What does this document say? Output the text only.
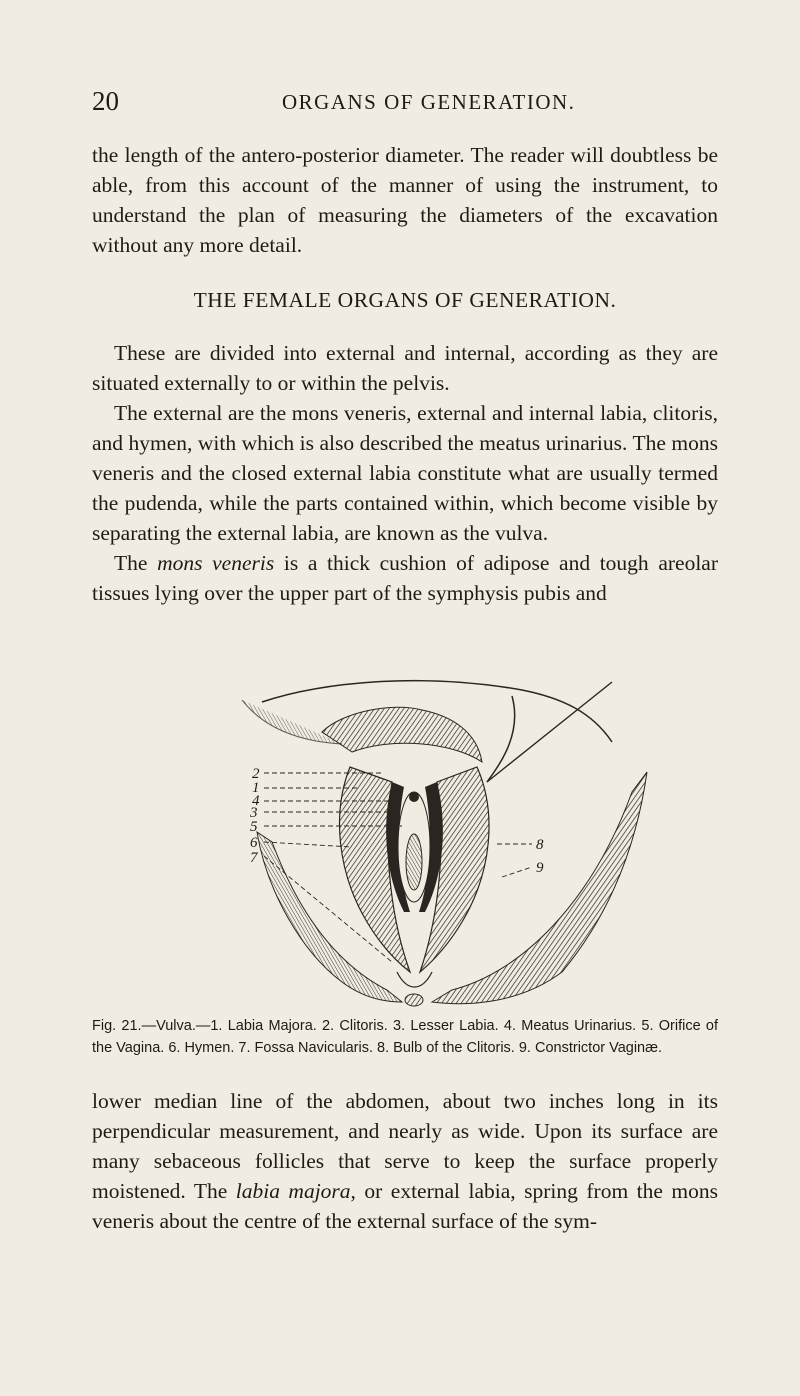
20	ORGANS OF GENERATION.

the length of the antero-posterior diameter. The reader will doubtless be able, from this account of the manner of using the instrument, to understand the plan of measuring the diameters of the excavation without any more detail.

THE FEMALE ORGANS OF GENERATION.

These are divided into external and internal, according as they are situated externally to or within the pelvis.

The external are the mons veneris, external and internal labia, clitoris, and hymen, with which is also described the meatus urinarius. The mons veneris and the closed external labia constitute what are usually termed the pudenda, while the parts contained within, which become visible by separating the external labia, are known as the vulva.

The mons veneris is a thick cushion of adipose and tough areolar tissues lying over the upper part of the symphysis pubis and

2
1
4
3
5
6
7
8
9
Fig. 21.—Vulva.—1. Labia Majora. 2. Clitoris. 3. Lesser Labia. 4. Meatus Urinarius. 5. Orifice of the Vagina. 6. Hymen. 7. Fossa Navicularis. 8. Bulb of the Clitoris. 9. Constrictor Vaginæ.

lower median line of the abdomen, about two inches long in its perpendicular measurement, and nearly as wide. Upon its surface are many sebaceous follicles that serve to keep the surface properly moistened. The labia majora, or external labia, spring from the mons veneris about the centre of the external surface of the sym-
